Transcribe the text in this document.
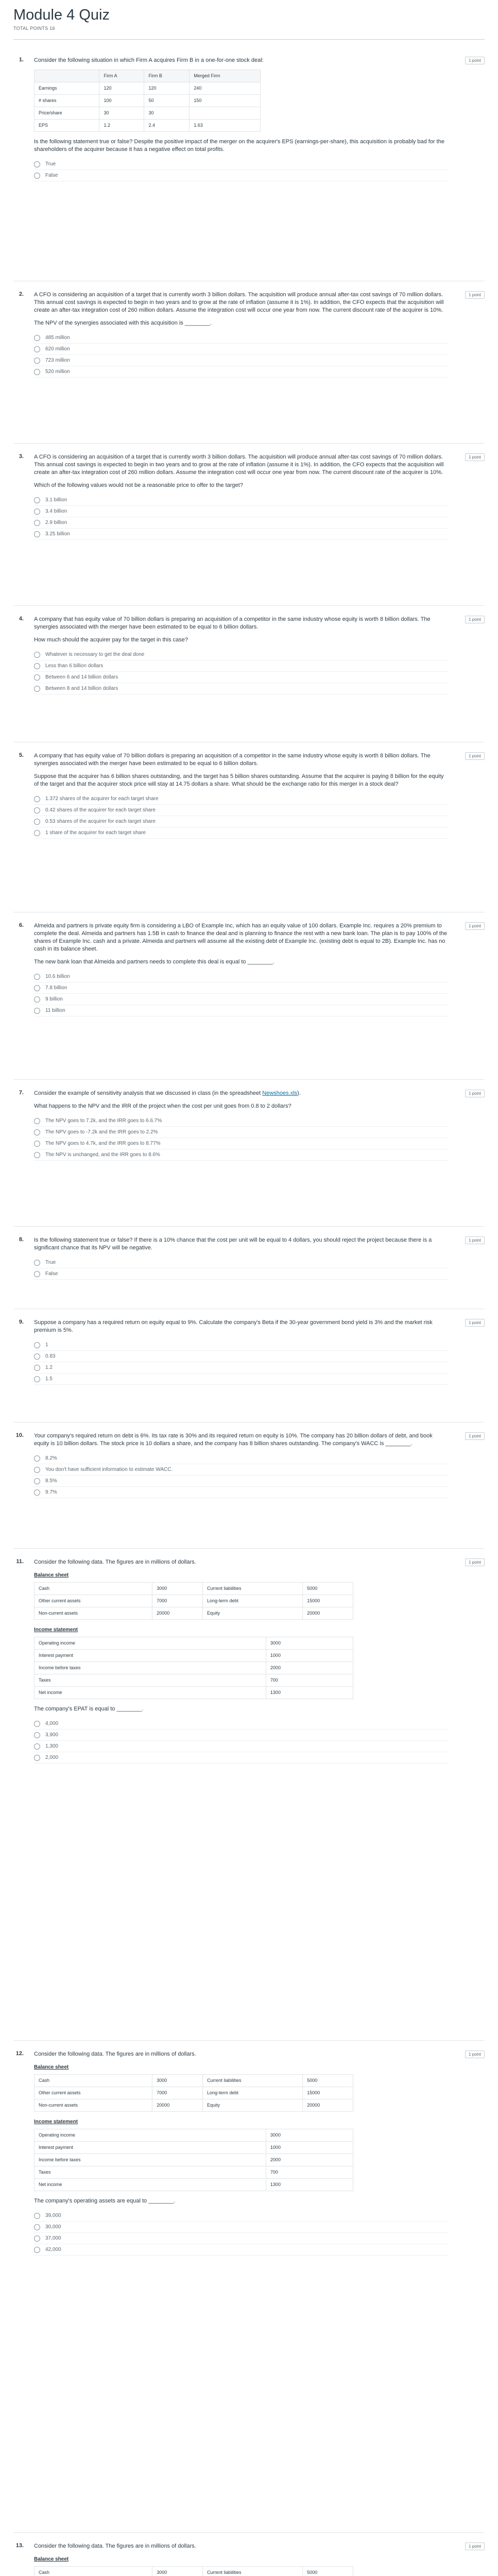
Module 4 Quiz
TOTAL POINTS 16
1.	1 point

Consider the following situation in which Firm A acquires Firm B in a one-for-one stock deal:

	Firm A	Firm B	Merged Firm
Earnings	120	120	240
# shares	100	50	150
Price/share	30	30	
EPS	1.2	2.4	1.63

Is the following statement true or false? Despite the positive impact of the merger on the acquirer's EPS (earnings-per-share), this acquisition is probably bad for the shareholders of the acquirer because it has a negative effect on total profits.

True
False
2.	1 point

A CFO is considering an acquisition of a target that is currently worth 3 billion dollars. The acquisition will produce annual after-tax cost savings of 70 million dollars. This annual cost savings is expected to begin in two years and to grow at the rate of inflation (assume it is 1%). In addition, the CFO expects that the acquisition will create an after-tax integration cost of 260 million dollars. Assume the integration cost will occur one year from now. The current discount rate of the acquirer is 10%.

The NPV of the synergies associated with this acquisition is ________.

485 million
620 million
723 million
520 million
3.	1 point

A CFO is considering an acquisition of a target that is currently worth 3 billion dollars. The acquisition will produce annual after-tax cost savings of 70 million dollars. This annual cost savings is expected to begin in two years and to grow at the rate of inflation (assume it is 1%). In addition, the CFO expects that the acquisition will create an after-tax integration cost of 260 million dollars. Assume the integration cost will occur one year from now. The current discount rate of the acquirer is 10%.

Which of the following values would not be a reasonable price to offer to the target?

3.1 billion
3.4 billion
2.9 billion
3.25 billion
4.	1 point

A company that has equity value of 70 billion dollars is preparing an acquisition of a competitor in the same industry whose equity is worth 8 billion dollars. The synergies associated with the merger have been estimated to be equal to 6 billion dollars.

How much should the acquirer pay for the target in this case?

Whatever is necessary to get the deal done
Less than 6 billion dollars
Between 6 and 14 billion dollars
Between 8 and 14 billion dollars
5.	1 point

A company that has equity value of 70 billion dollars is preparing an acquisition of a competitor in the same industry whose equity is worth 8 billion dollars. The synergies associated with the merger have been estimated to be equal to 6 billion dollars.

Suppose that the acquirer has 6 billion shares outstanding, and the target has 5 billion shares outstanding. Assume that the acquirer is paying 8 billion for the equity of the target and that the acquirer stock price will stay at 14.75 dollars a share. What should be the exchange ratio for this merger in a stock deal?

1.372 shares of the acquirer for each target share
0.42 shares of the acquirer for each target share
0.53 shares of the acquirer for each target share
1 share of the acquirer for each target share
6.	1 point

Almeida and partners is private equity firm is considering a LBO of Example Inc, which has an equity value of 100 dollars. Example Inc. requires a 20% premium to complete the deal. Almeida and partners has 1.5B in cash to finance the deal and is planning to finance the rest with a new bank loan. The plan is to pay 100% of the shares of Example Inc. cash and a private. Almeida and partners will assume all the existing debt of Example Inc. (existing debt is equal to 2B). Example Inc. has no cash in its balance sheet.

The new bank loan that Almeida and partners needs to complete this deal is equal to ________.

10.6 billion
7.8 billion
9 billion
11 billion
7.	1 point

Consider the example of sensitivity analysis that we discussed in class (in the spreadsheet Newshoes.xls).

What happens to the NPV and the IRR of the project when the cost per unit goes from 0.8 to 2 dollars?

The NPV goes to 7.2k, and the IRR goes to 6.6.7%
The NPV goes to -7.2k and the IRR goes to 2.2%
The NPV goes to 4.7k, and the IRR goes to 8.77%
The NPV is unchanged, and the IRR goes to 8.6%
8.	1 point

Is the following statement true or false? If there is a 10% chance that the cost per unit will be equal to 4 dollars, you should reject the project because there is a significant chance that its NPV will be negative.

True
False
9.	1 point

Suppose a company has a required return on equity equal to 9%. Calculate the company's Beta if the 30-year government bond yield is 3% and the market risk premium is 5%.

1
0.83
1.2
1.5
10.	1 point

Your company's required return on debt is 6%. Its tax rate is 30% and its required return on equity is 10%. The company has 20 billion dollars of debt, and book equity is 10 billion dollars. The stock price is 10 dollars a share, and the company has 8 billion shares outstanding. The company's WACC is ________.

8.2%
You don't have sufficient information to estimate WACC.
8.5%
9.7%
11.	1 point

Consider the following data. The figures are in millions of dollars.

Balance sheet
Cash	3000	Current liabilities	5000
Other current assets	7000	Long-term debt	15000
Non-current assets	20000	Equity	20000
Income statement
Operating income	3000
Interest payment	1000
Income before taxes	2000
Taxes	700
Net income	1300

The company's EPAT is equal to ________.

4,000
3,900
1,300
2,000
12.	1 point

Consider the following data. The figures are in millions of dollars.

Balance sheet
Cash	3000	Current liabilities	5000
Other current assets	7000	Long-term debt	15000
Non-current assets	20000	Equity	20000
Income statement
Operating income	3000
Interest payment	1000
Income before taxes	2000
Taxes	700
Net income	1300

The company's operating assets are equal to ________.

39,000
30,000
37,000
42,000
13.	1 point

Consider the following data. The figures are in millions of dollars.

Balance sheet
Cash	3000	Current liabilities	5000
